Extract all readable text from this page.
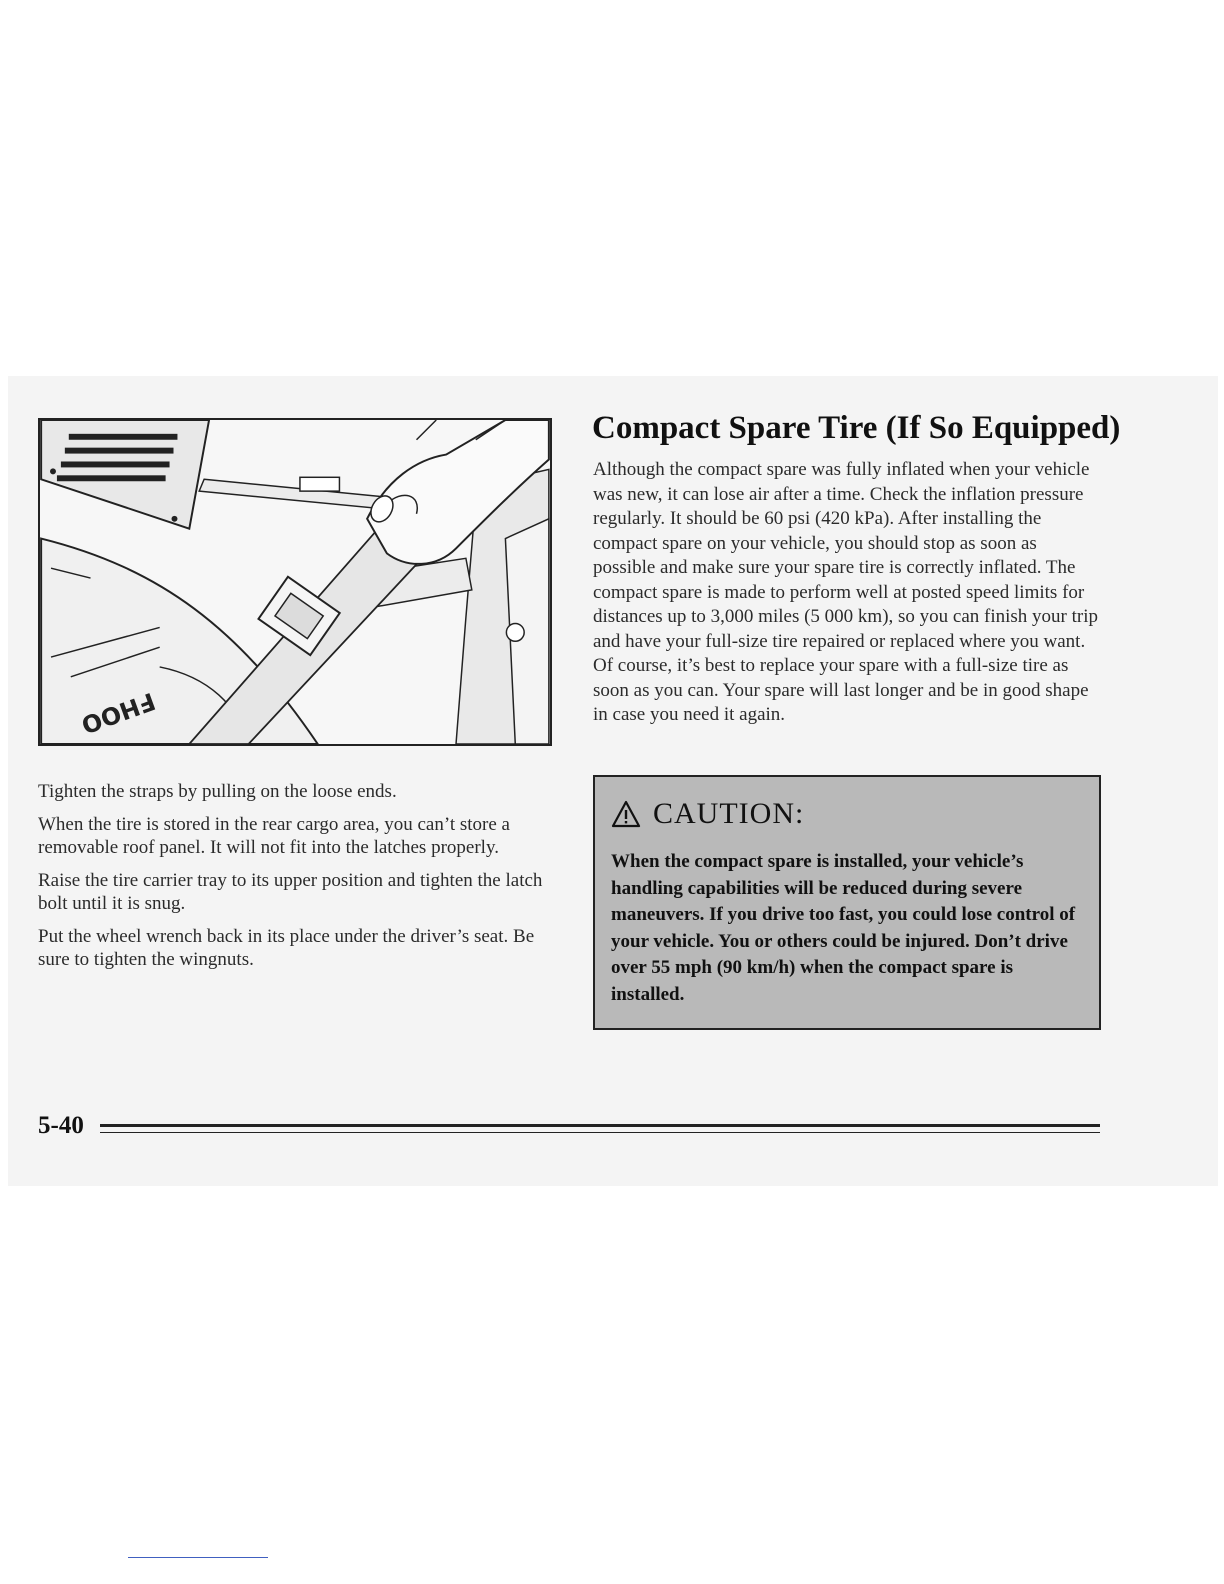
FHOO

Tighten the straps by pulling on the loose ends.

When the tire is stored in the rear cargo area, you can’t store a removable roof panel. It will not fit into the latches properly.

Raise the tire carrier tray to its upper position and tighten the latch bolt until it is snug.

Put the wheel wrench back in its place under the driver’s seat. Be sure to tighten the wingnuts.

Compact Spare Tire (If So Equipped)

Although the compact spare was fully inflated when your vehicle was new, it can lose air after a time. Check the inflation pressure regularly. It should be 60 psi (420 kPa). After installing the compact spare on your vehicle, you should stop as soon as possible and make sure your spare tire is correctly inflated. The compact spare is made to perform well at posted speed limits for distances up to 3,000 miles (5 000 km), so you can finish your trip and have your full-size tire repaired or replaced where you want. Of course, it’s best to replace your spare with a full-size tire as soon as you can. Your spare will last longer and be in good shape in case you need it again.

CAUTION:

When the compact spare is installed, your vehicle’s handling capabilities will be reduced during severe maneuvers. If you drive too fast, you could lose control of your vehicle. You or others could be injured. Don’t drive over 55 mph (90 km/h) when the compact spare is installed.

5-40
